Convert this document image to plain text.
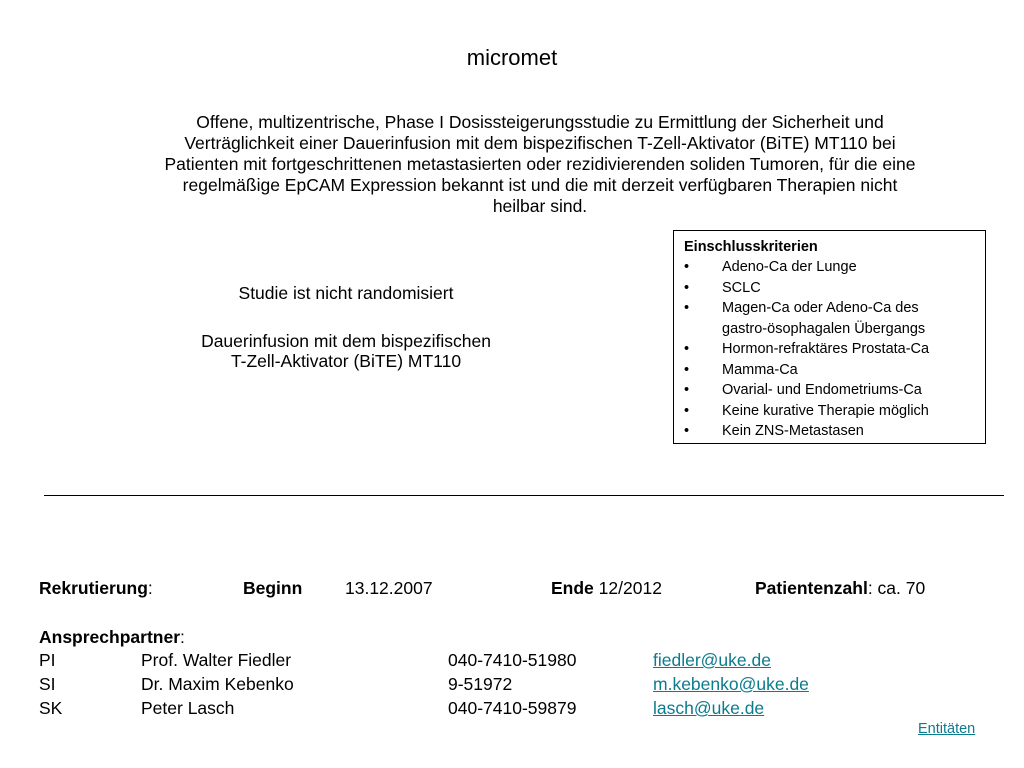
micromet
Offene, multizentrische, Phase I Dosissteigerungsstudie zu Ermittlung der Sicherheit und
Verträglichkeit einer Dauerinfusion mit dem bispezifischen T-Zell-Aktivator (BiTE) MT110 bei
Patienten mit fortgeschrittenen metastasierten oder rezidivierenden soliden Tumoren, für die eine
regelmäßige EpCAM Expression bekannt ist und die mit derzeit verfügbaren Therapien nicht
heilbar sind.
Studie ist nicht randomisiert
Dauerinfusion mit dem bispezifischen
T-Zell-Aktivator (BiTE) MT110
Einschlusskriterien
• Adeno-Ca der Lunge
• SCLC
• Magen-Ca oder Adeno-Ca des
gastro-ösophagalen Übergangs
• Hormon-refraktäres Prostata-Ca
• Mamma-Ca
• Ovarial- und Endometriums-Ca
• Keine kurative Therapie möglich
• Kein ZNS-Metastasen
Rekrutierung:	Beginn 13.12.2007	Ende 12/2012	Patientenzahl: ca. 70
Ansprechpartner:
PI	Prof. Walter Fiedler	040-7410-51980	fiedler@uke.de
SI	Dr. Maxim Kebenko	9-51972	m.kebenko@uke.de
SK	Peter Lasch	040-7410-59879	lasch@uke.de
Entitäten
